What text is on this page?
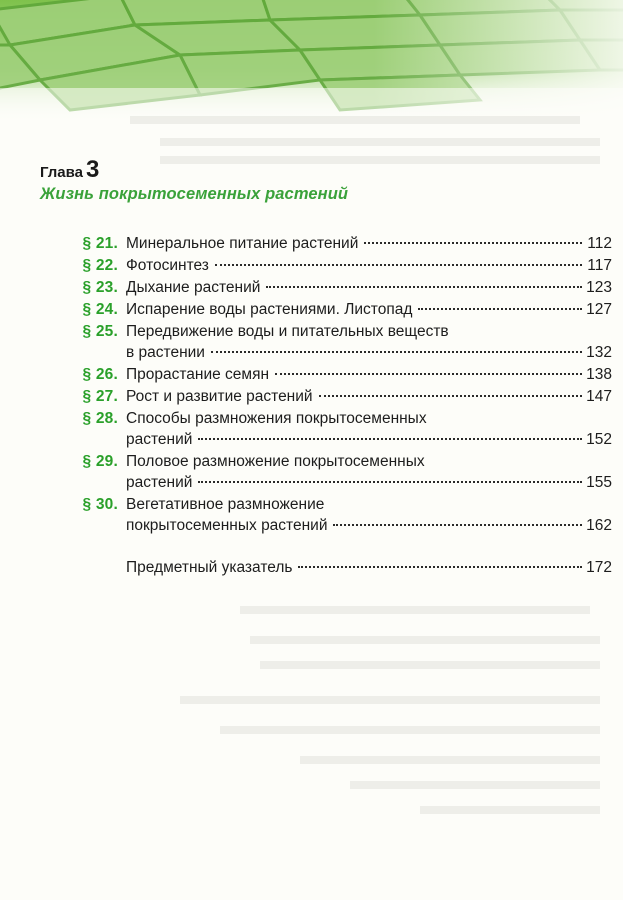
Глава 3
Жизнь покрытосеменных растений
§ 21. Минеральное питание растений	112
§ 22. Фотосинтез	117
§ 23. Дыхание растений	123
§ 24. Испарение воды растениями. Листопад	127
§ 25. Передвижение воды и питательных веществ
в растении	132
§ 26. Прорастание семян	138
§ 27. Рост и развитие растений	147
§ 28. Способы размножения покрытосеменных
растений	152
§ 29. Половое размножение покрытосеменных
растений	155
§ 30. Вегетативное размножение
покрытосеменных растений	162
Предметный указатель	172
